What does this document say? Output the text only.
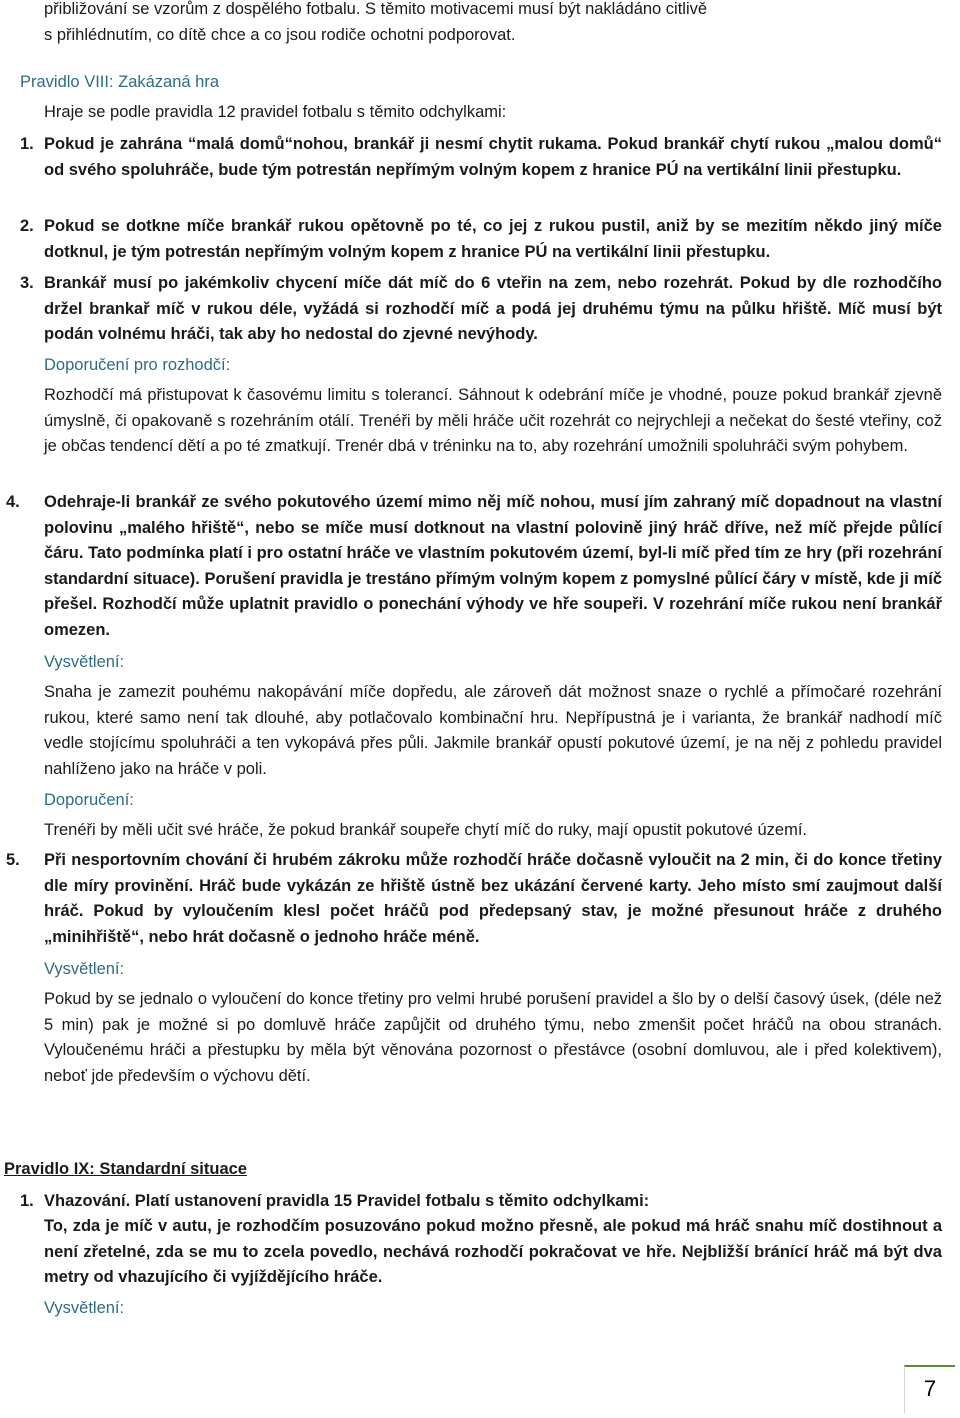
přibližování se vzorům z dospělého fotbalu. S těmito motivacemi musí být nakládáno citlivě
s přihlédnutím, co dítě chce a co jsou rodiče ochotni podporovat.
Pravidlo VIII: Zakázaná hra
Hraje se podle pravidla 12 pravidel fotbalu s těmito odchylkami:
1. Pokud je zahrána “malá domů“nohou, brankář ji nesmí chytit rukama. Pokud brankář chytí rukou „malou domů“ od svého spoluhráče, bude tým potrestán nepřímým volným kopem z hranice PÚ na vertikální linii přestupku.
2. Pokud se dotkne míče brankář rukou opětovně po té, co jej z rukou pustil, aniž by se mezitím někdo jiný míče dotknul, je tým potrestán nepřímým volným kopem z hranice PÚ na vertikální linii přestupku.
3. Brankář musí po jakémkoliv chycení míče dát míč do 6 vteřin na zem, nebo rozehrát. Pokud by dle rozhodčího držel brankař míč v rukou déle, vyžádá si rozhodčí míč a podá jej druhému týmu na půlku hřiště. Míč musí být podán volnému hráči, tak aby ho nedostal do zjevné nevýhody.
Doporučení pro rozhodčí:
Rozhodčí má přistupovat k časovému limitu s tolerancí. Sáhnout k odebrání míče je vhodné, pouze pokud brankář zjevně úmyslně, či opakovaně s rozehráním otálí. Trenéři by měli hráče učit rozehrát co nejrychleji a nečekat do šesté vteřiny, což je občas tendencí dětí a po té zmatkují. Trenér dbá v tréninku na to, aby rozehrání umožnili spoluhráči svým pohybem.
4.	Odehraje-li brankář ze svého pokutového území mimo něj míč nohou, musí jím zahraný míč dopadnout na vlastní polovinu „malého hřiště“, nebo se míče musí dotknout na vlastní polovině jiný hráč dříve, než míč přejde půlící čáru. Tato podmínka platí i pro ostatní hráče ve vlastním pokutovém území, byl-li míč před tím ze hry (při rozehrání standardní situace). Porušení pravidla je trestáno přímým volným kopem z pomyslné půlící čáry v místě, kde ji míč přešel. Rozhodčí může uplatnit pravidlo o ponechání výhody ve hře soupeři. V rozehrání míče rukou není brankář omezen.
Vysvětlení:
Snaha je zamezit pouhému nakopávání míče dopředu, ale zároveň dát možnost snaze o rychlé a přímočaré rozehrání rukou, které samo není tak dlouhé, aby potlačovalo kombinační hru. Nepřípustná je i varianta, že brankář nadhodí míč vedle stojícímu spoluhráči a ten vykopává přes půli. Jakmile brankář opustí pokutové území, je na něj z pohledu pravidel nahlíženo jako na hráče v poli.
Doporučení:
Trenéři by měli učit své hráče, že pokud brankář soupeře chytí míč do ruky, mají opustit pokutové území.
5.	Při nesportovním chování či hrubém zákroku může rozhodčí hráče dočasně vyloučit na 2 min, či do konce třetiny dle míry provinění. Hráč bude vykázán ze hřiště ústně bez ukázání červené karty. Jeho místo smí zaujmout další hráč. Pokud by vyloučením klesl počet hráčů pod předepsaný stav, je možné přesunout hráče z druhého „minihřiště“, nebo hrát dočasně o jednoho hráče méně.
Vysvětlení:
Pokud by se jednalo o vyloučení do konce třetiny pro velmi hrubé porušení pravidel a šlo by o delší časový úsek, (déle než 5 min) pak je možné si po domluvě hráče zapůjčit od druhého týmu, nebo zmenšit počet hráčů na obou stranách. Vyloučenému hráči a přestupku by měla být věnována pozornost o přestávce (osobní domluvou, ale i před kolektivem), neboť jde především o výchovu dětí.
Pravidlo IX: Standardní situace
1. Vhazování. Platí ustanovení pravidla 15 Pravidel fotbalu s těmito odchylkami:
To, zda je míč v autu, je rozhodčím posuzováno pokud možno přesně, ale pokud má hráč snahu míč dostihnout a není zřetelné, zda se mu to zcela povedlo, nechává rozhodčí pokračovat ve hře. Nejbližší bránící hráč má být dva metry od vhazujícího či vyjíždějícího hráče.
Vysvětlení:
7
